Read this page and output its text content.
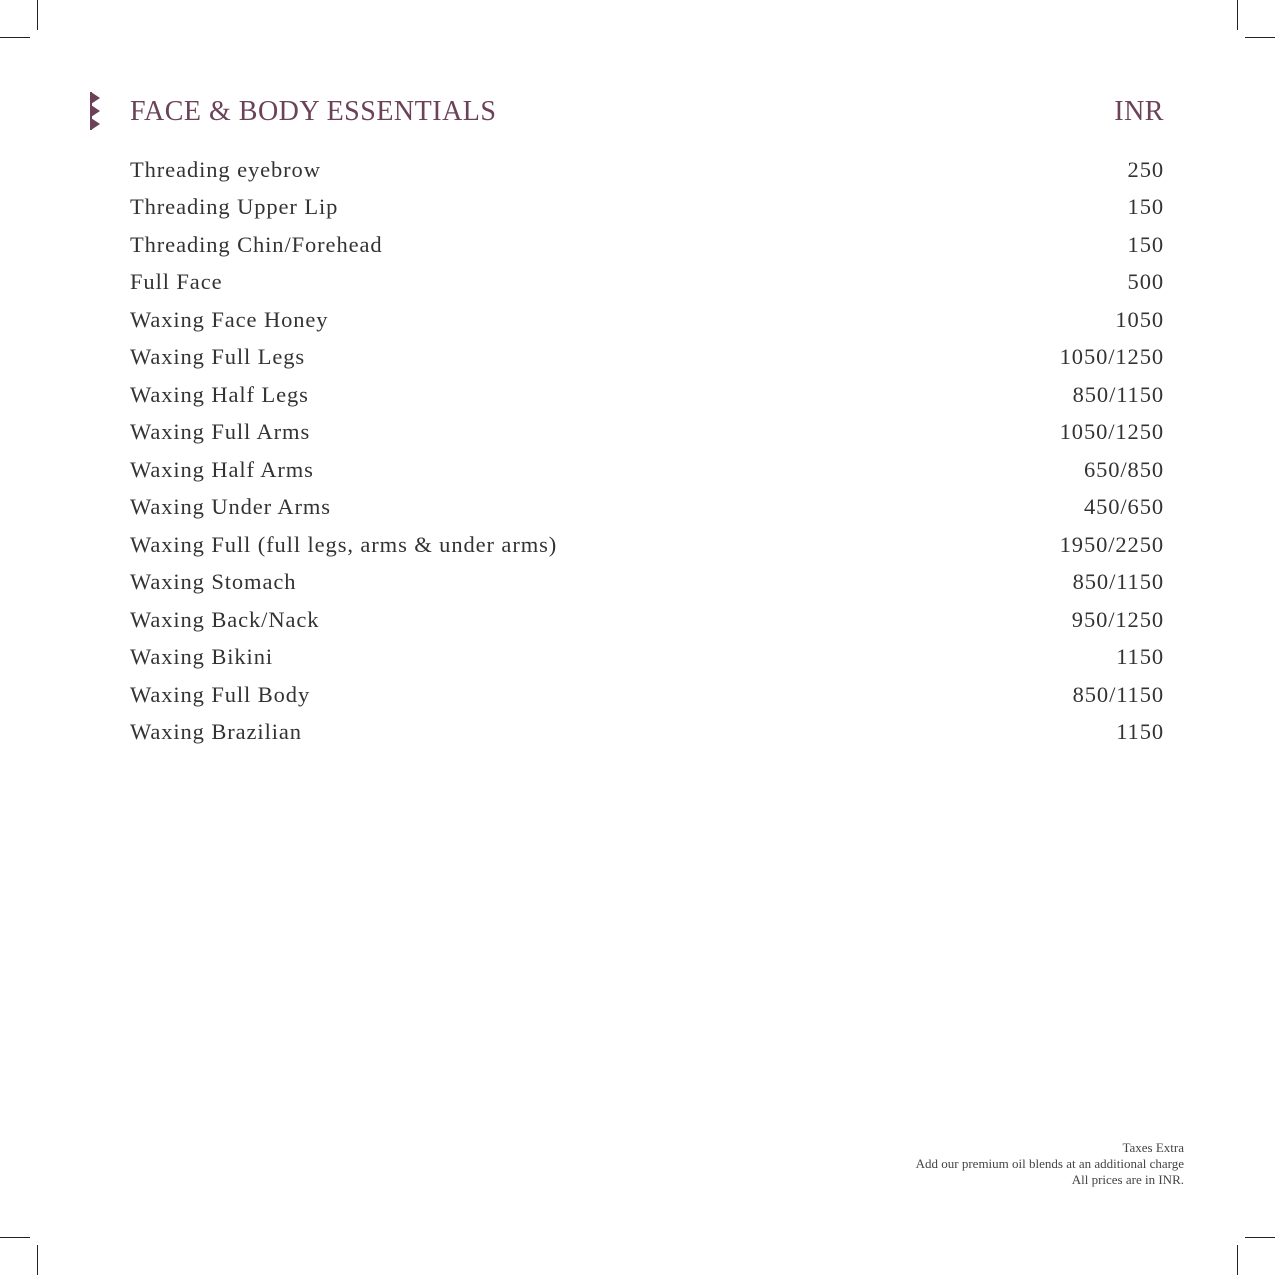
FACE & BODY ESSENTIALS	INR
Threading eyebrow	250
Threading Upper Lip	150
Threading Chin/Forehead	150
Full Face	500
Waxing Face Honey	1050
Waxing Full Legs	1050/1250
Waxing Half Legs	850/1150
Waxing Full Arms	1050/1250
Waxing Half Arms	650/850
Waxing Under Arms	450/650
Waxing Full (full legs, arms & under arms)	1950/2250
Waxing Stomach	850/1150
Waxing Back/Nack	950/1250
Waxing Bikini	1150
Waxing Full Body	850/1150
Waxing Brazilian	1150
Taxes Extra
Add our premium oil blends at an additional charge
All prices are in INR.
